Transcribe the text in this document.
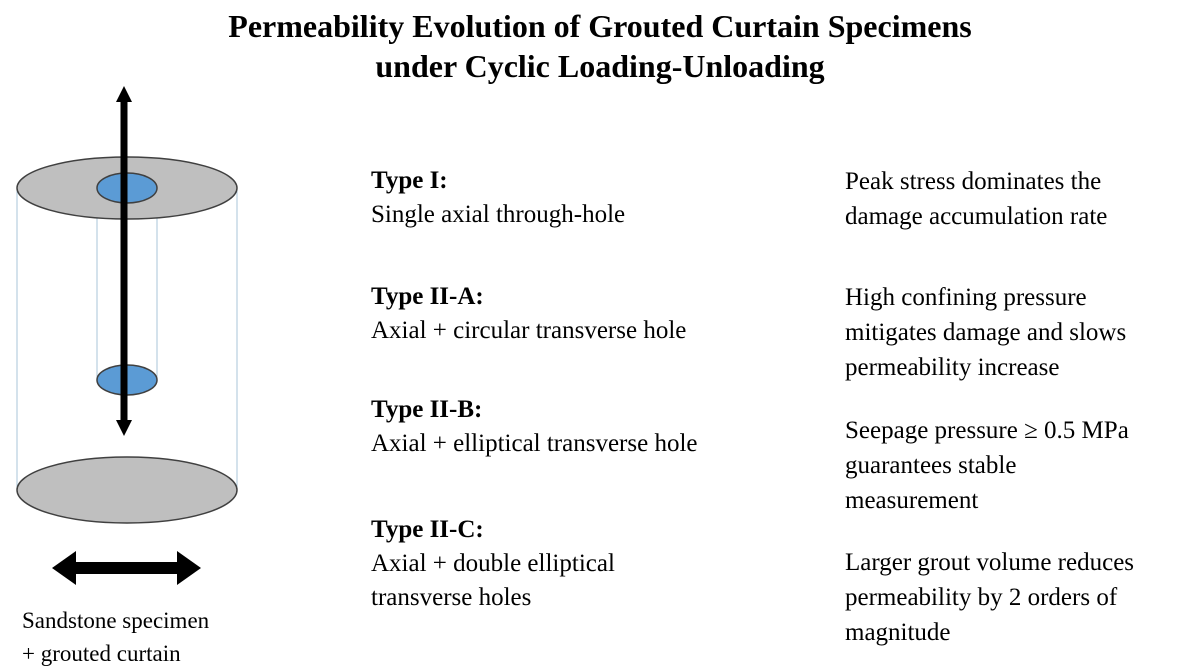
Permeability Evolution of Grouted Curtain Specimens
under Cyclic Loading-Unloading
Sandstone specimen
+ grouted curtain
Type I:
Single axial through-hole
Type II-A:
Axial + circular transverse hole
Type II-B:
Axial + elliptical transverse hole
Type II-C:
Axial + double elliptical
transverse holes
Peak stress dominates the
damage accumulation rate
High confining pressure
mitigates damage and slows
permeability increase
Seepage pressure ≥ 0.5 MPa
guarantees stable
measurement
Larger grout volume reduces
permeability by 2 orders of
magnitude
